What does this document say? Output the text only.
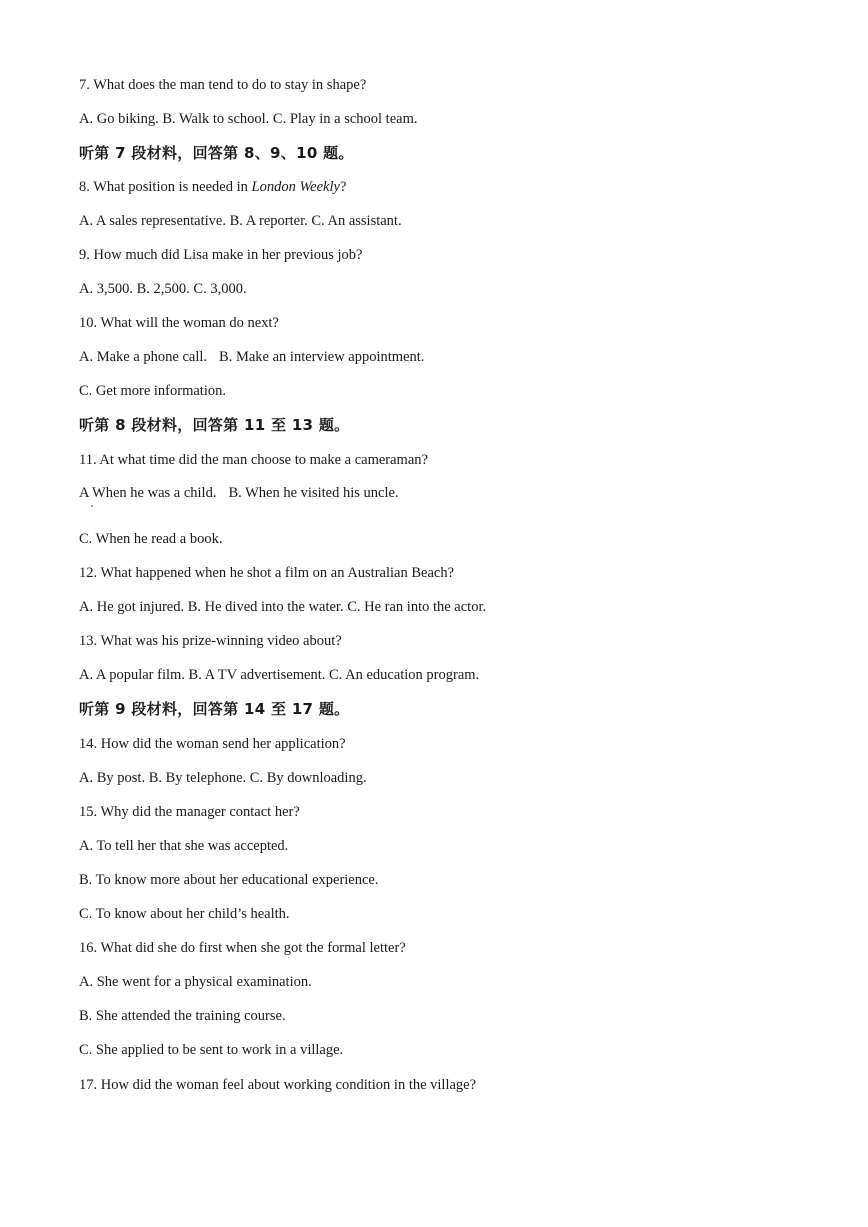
7. What does the man tend to do to stay in shape?
A. Go biking. B. Walk to school. C. Play in a school team.
听第 7 段材料，回答第 8、9、10 题。
8. What position is needed in London Weekly?
A. A sales representative. B. A reporter. C. An assistant.
9. How much did Lisa make in her previous job?
A. 3,500. B. 2,500. C. 3,000.
10. What will the woman do next?
A. Make a phone call. B. Make an interview appointment.
C. Get more information.
听第 8 段材料，回答第 11 至 13 题。
11. At what time did the man choose to make a cameraman?
A When he was a child. B. When he visited his uncle.
C. When he read a book.
12. What happened when he shot a film on an Australian Beach?
A. He got injured. B. He dived into the water. C. He ran into the actor.
13. What was his prize-winning video about?
A. A popular film. B. A TV advertisement. C. An education program.
听第 9 段材料，回答第 14 至 17 题。
14. How did the woman send her application?
A. By post. B. By telephone. C. By downloading.
15. Why did the manager contact her?
A. To tell her that she was accepted.
B. To know more about her educational experience.
C. To know about her child’s health.
16. What did she do first when she got the formal letter?
A. She went for a physical examination.
B. She attended the training course.
C. She applied to be sent to work in a village.
17. How did the woman feel about working condition in the village?
